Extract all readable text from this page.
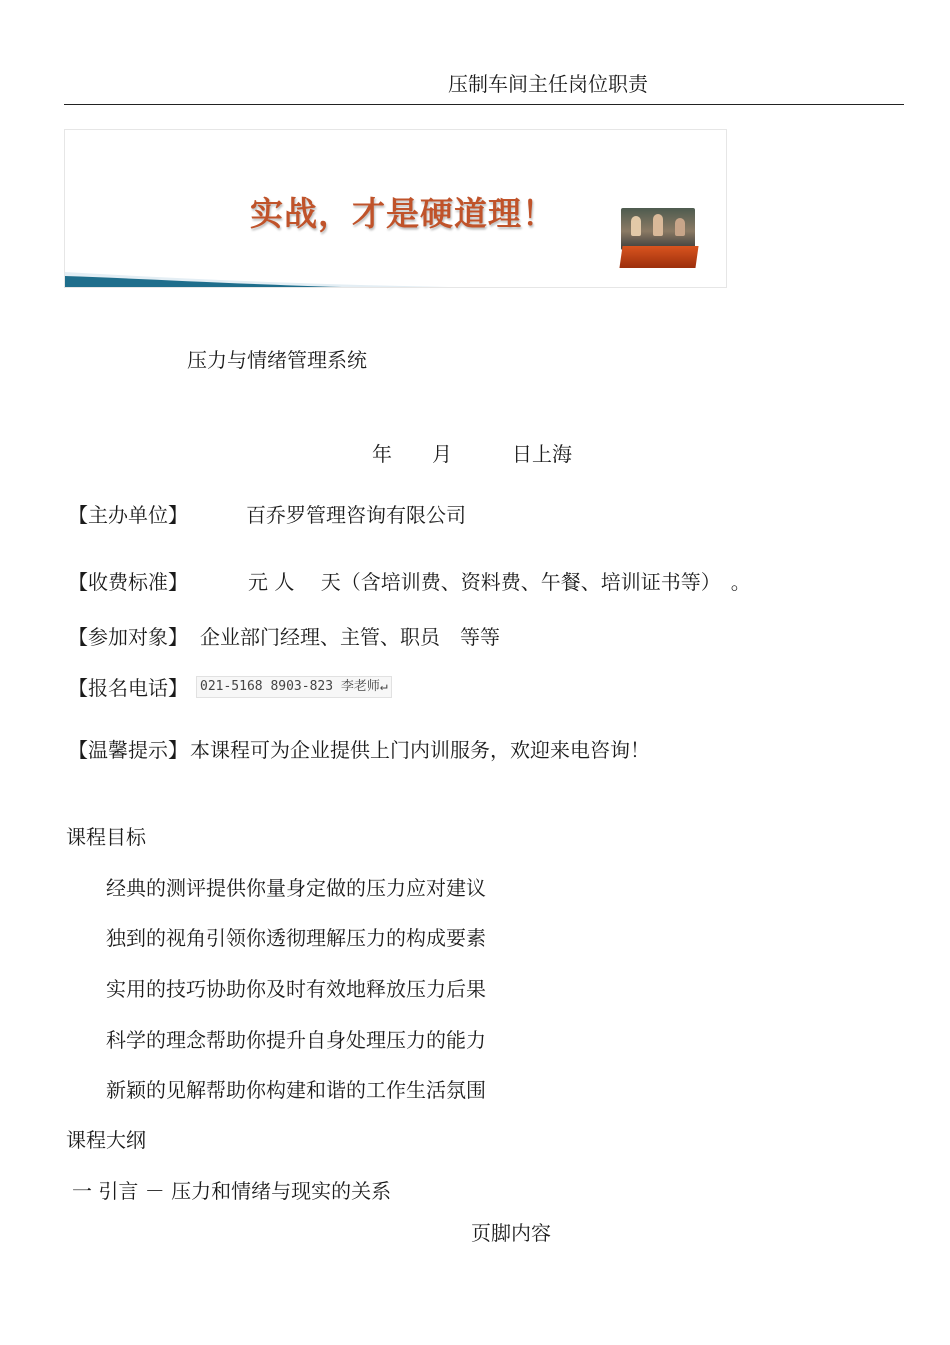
压制车间主任岗位职责
实战，才是硬道理！
压力与情绪管理系统
年　　月　　　日上海
【主办单位】	百乔罗管理咨询有限公司
【收费标准】	元 人　 天（含培训费、资料费、午餐、培训证书等）　。
【参加对象】 企业部门经理、主管、职员　等等
【报名电话】 021-5168 8903-823 李老师↵
【温馨提示】 本课程可为企业提供上门内训服务，欢迎来电咨询！
课程目标
经典的测评提供你量身定做的压力应对建议
独到的视角引领你透彻理解压力的构成要素
实用的技巧协助你及时有效地释放压力后果
科学的理念帮助你提升自身处理压力的能力
新颖的见解帮助你构建和谐的工作生活氛围
课程大纲
一 引言 － 压力和情绪与现实的关系
页脚内容
